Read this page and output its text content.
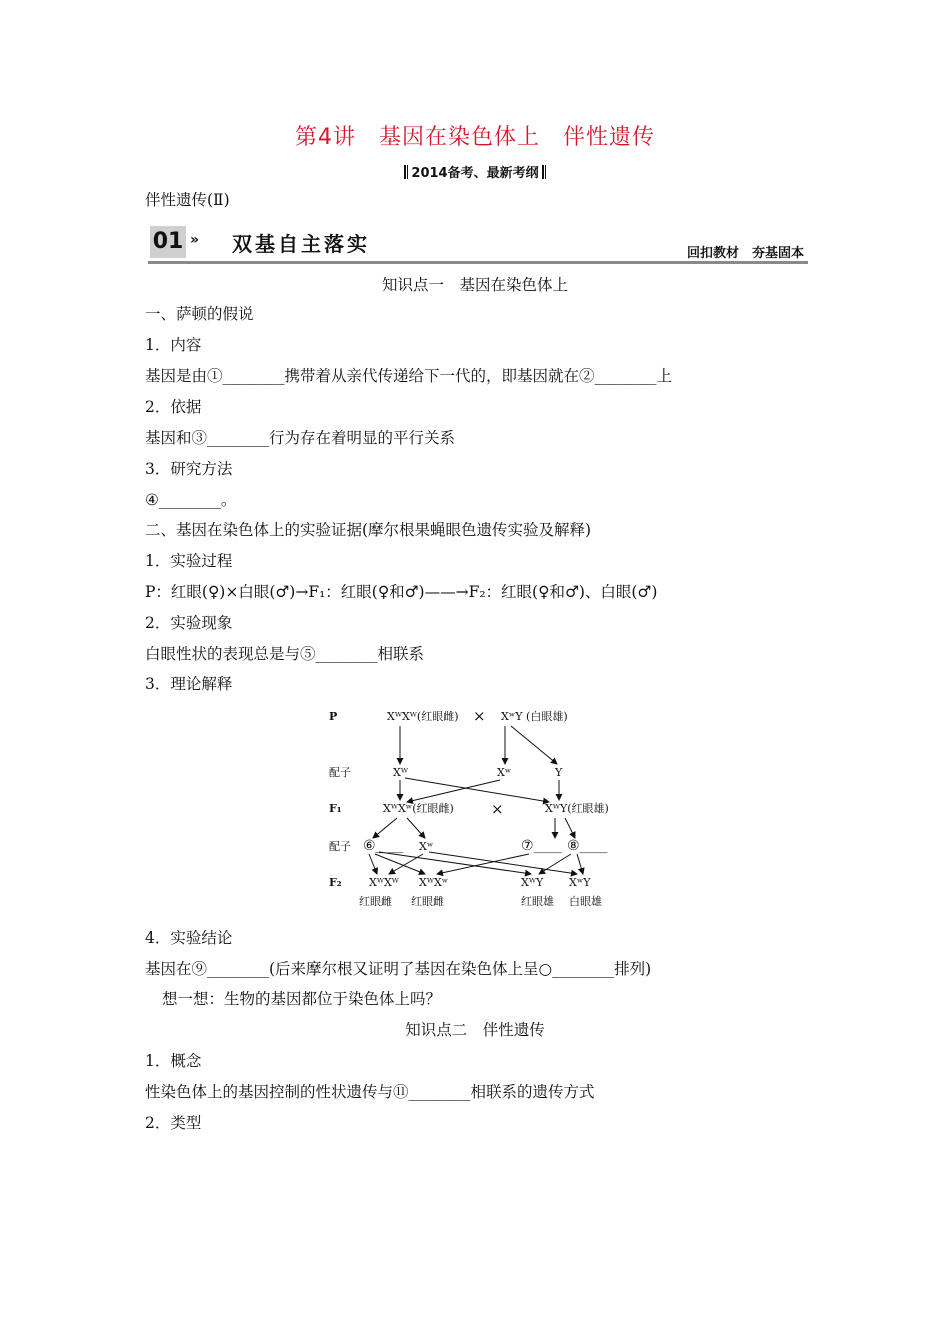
第4讲　基因在染色体上　伴性遗传
2014备考、最新考纲
伴性遗传(Ⅱ)
01 » 双基自主落实	回扣教材　夯基固本
知识点一　基因在染色体上
一、萨顿的假说
1．内容
基因是由①________携带着从亲代传递给下一代的，即基因就在②________上
2．依据
基因和③________行为存在着明显的平行关系
3．研究方法
④________。
二、基因在染色体上的实验证据(摩尔根果蝇眼色遗传实验及解释)
1．实验过程
P：红眼(♀)×白眼(♂)→F₁：红眼(♀和♂)——→F₂：红眼(♀和♂)、白眼(♂)
2．实验现象
白眼性状的表现总是与⑤________相联系
3．理论解释
P	XᵂXᵂ(红眼雌) × XʷY (白眼雄)
配子	Xᵂ	Xʷ	Y
F₁	XᵂXʷ(红眼雌) ×	XᵂY(红眼雄)
配子 ⑥____ Xʷ	⑦____ ⑧____
F₂ XᵂXᵂ XᵂXʷ	XᵂY XʷY
红眼雌 红眼雌	红眼雄 白眼雄
4．实验结论
基因在⑨________(后来摩尔根又证明了基因在染色体上呈○________排列)
想一想：生物的基因都位于染色体上吗？
知识点二　伴性遗传
1．概念
性染色体上的基因控制的性状遗传与⑪________相联系的遗传方式
2．类型
